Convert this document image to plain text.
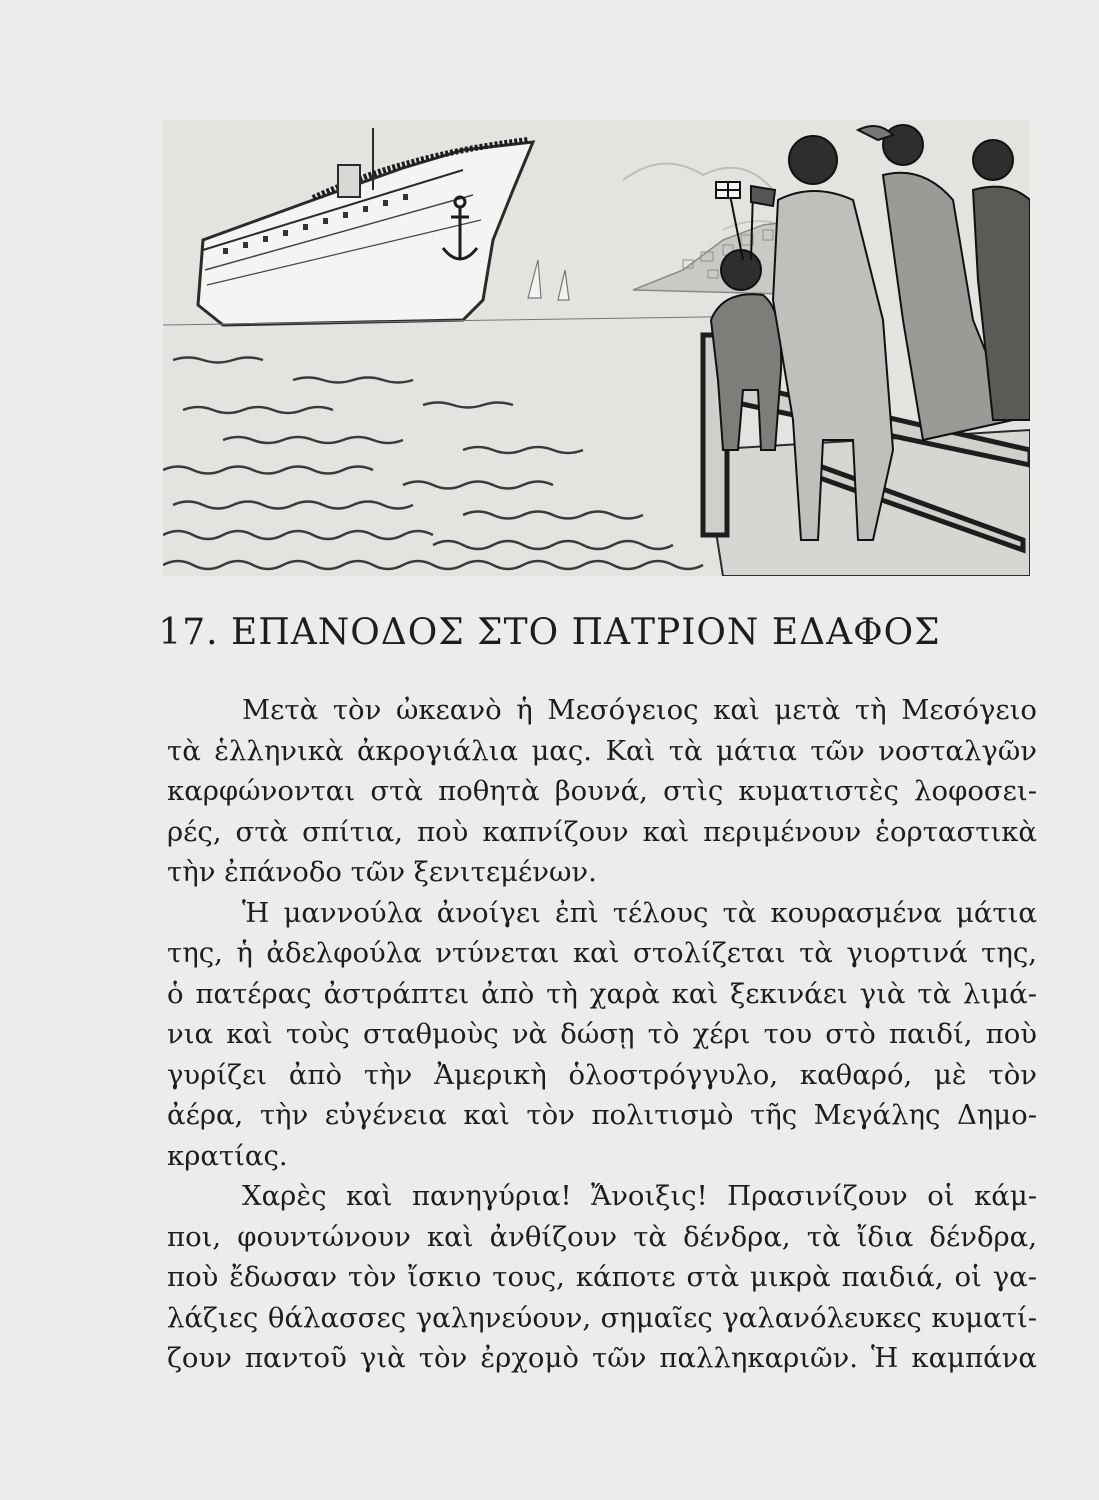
17. ΕΠΑΝΟΔΟΣ ΣΤΟ ΠΑΤΡΙΟΝ ΕΔΑΦΟΣ
Μετὰ τὸν ὠκεανὸ ἡ Μεσόγειος καὶ μετὰ τὴ Μεσόγειο
τὰ ἑλληνικὰ ἀκρογιάλια μας. Καὶ τὰ μάτια τῶν νοσταλγῶν
καρφώνονται στὰ ποθητὰ βουνά, στὶς κυματιστὲς λοφοσει-
ρές, στὰ σπίτια, ποὺ καπνίζουν καὶ περιμένουν ἑορταστικὰ
τὴν ἐπάνοδο τῶν ξενιτεμένων.
Ἡ μαννούλα ἀνοίγει ἐπὶ τέλους τὰ κουρασμένα μάτια
της, ἡ ἀδελφούλα ντύνεται καὶ στολίζεται τὰ γιορτινά της,
ὁ πατέρας ἀστράπτει ἀπὸ τὴ χαρὰ καὶ ξεκινάει γιὰ τὰ λιμά-
νια καὶ τοὺς σταθμοὺς νὰ δώσῃ τὸ χέρι του στὸ παιδί, ποὺ
γυρίζει ἀπὸ τὴν Ἀμερικὴ ὁλοστρόγγυλο, καθαρό, μὲ τὸν
ἀέρα, τὴν εὐγένεια καὶ τὸν πολιτισμὸ τῆς Μεγάλης Δημο-
κρατίας.
Χαρὲς καὶ πανηγύρια! Ἄνοιξις! Πρασινίζουν οἱ κάμ-
ποι, φουντώνουν καὶ ἀνθίζουν τὰ δένδρα, τὰ ἴδια δένδρα,
ποὺ ἔδωσαν τὸν ἴσκιο τους, κάποτε στὰ μικρὰ παιδιά, οἱ γα-
λάζιες θάλασσες γαληνεύουν, σημαῖες γαλανόλευκες κυματί-
ζουν παντοῦ γιὰ τὸν ἐρχομὸ τῶν παλληκαριῶν. Ἡ καμπάνα
